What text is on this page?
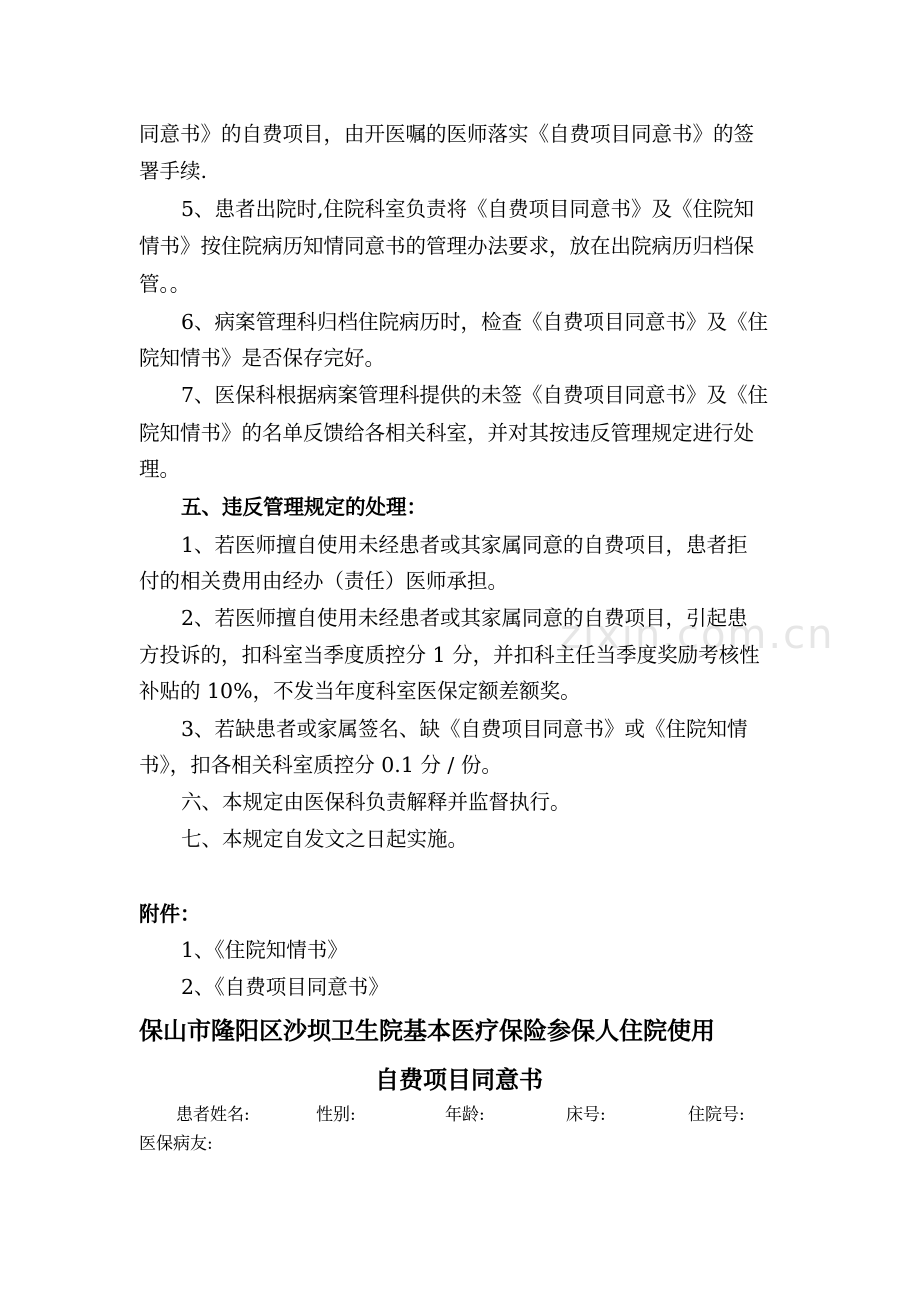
zixin.com.cn
同意书》的自费项目，由开医嘱的医师落实《自费项目同意书》的签
署手续.
5、患者出院时,住院科室负责将《自费项目同意书》及《住院知
情书》按住院病历知情同意书的管理办法要求，放在出院病历归档保
管。。
6、病案管理科归档住院病历时，检查《自费项目同意书》及《住
院知情书》是否保存完好。
7、医保科根据病案管理科提供的未签《自费项目同意书》及《住
院知情书》的名单反馈给各相关科室，并对其按违反管理规定进行处
理。
五、违反管理规定的处理：
1、若医师擅自使用未经患者或其家属同意的自费项目，患者拒
付的相关费用由经办（责任）医师承担。
2、若医师擅自使用未经患者或其家属同意的自费项目，引起患
方投诉的，扣科室当季度质控分 1 分，并扣科主任当季度奖励考核性
补贴的 10%，不发当年度科室医保定额差额奖。
3、若缺患者或家属签名、缺《自费项目同意书》或《住院知情
书》，扣各相关科室质控分 0.1 分 / 份。
六、本规定由医保科负责解释并监督执行。
七、本规定自发文之日起实施。
附件：
1、《住院知情书》
2、《自费项目同意书》
保山市隆阳区沙坝卫生院基本医疗保险参保人住院使用
自费项目同意书
患者姓名:	性别:	年龄:	床号:	住院号:
医保病友:
